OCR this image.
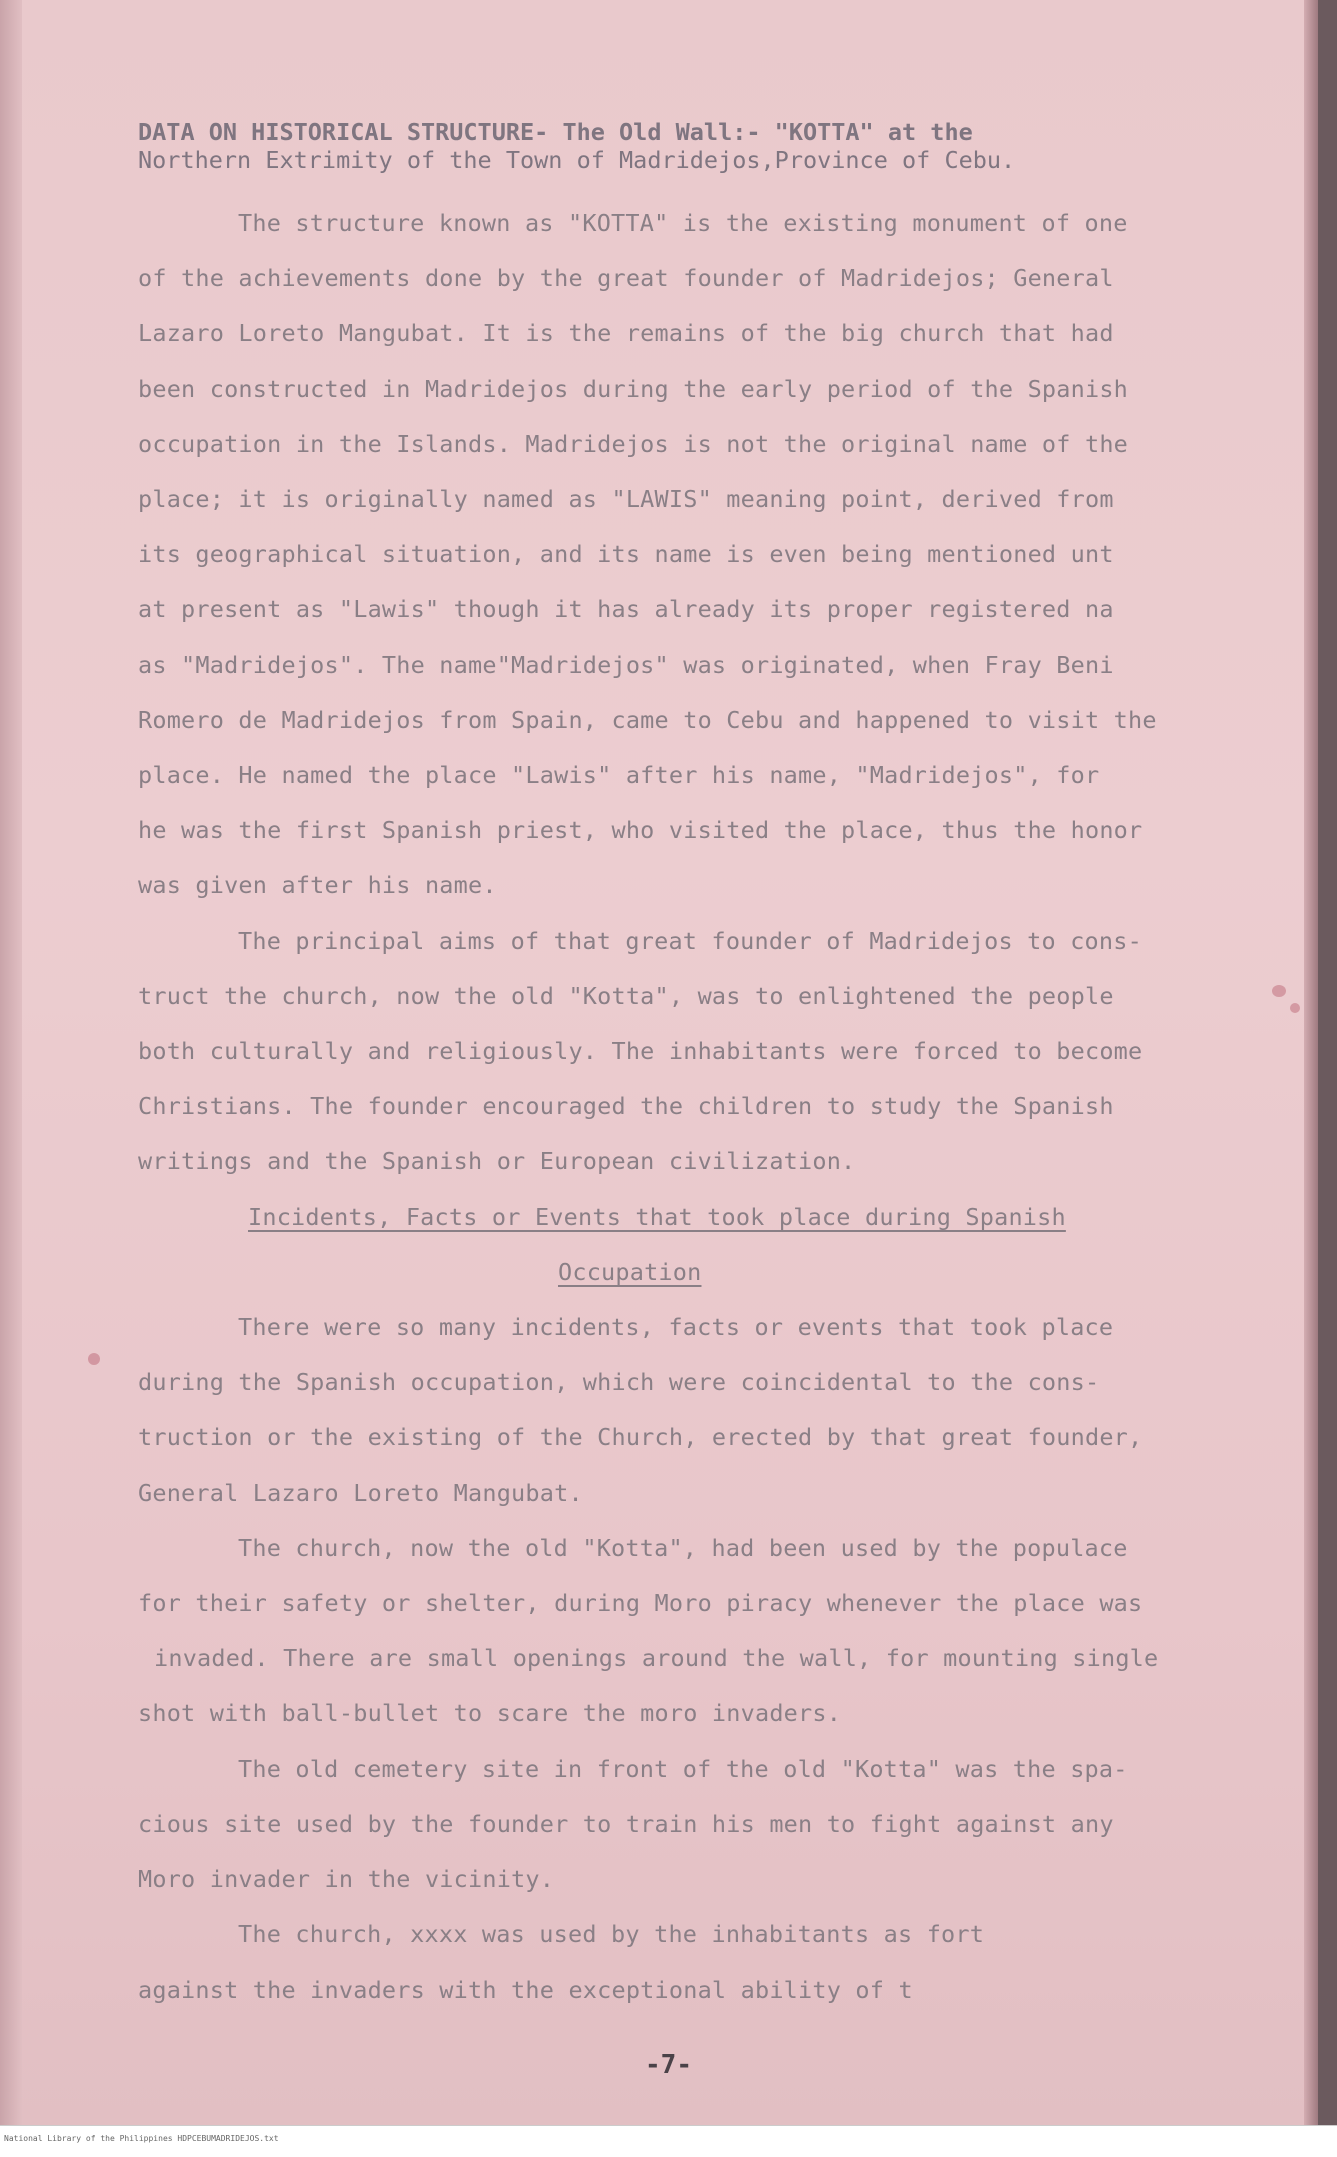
DATA ON HISTORICAL STRUCTURE- The Old Wall:- "KOTTA" at the
Northern Extrimity of the Town of Madridejos,Province of Cebu.
The structure known as "KOTTA" is the existing monument of one
of the achievements done by the great founder of Madridejos; General
Lazaro Loreto Mangubat. It is the remains of the big church that had
been constructed in Madridejos during the early period of the Spanish
occupation in the Islands. Madridejos is not the original name of the
place; it is originally named as "LAWIS" meaning point, derived from
its geographical situation, and its name is even being mentioned unt
at present as "Lawis" though it has already its proper registered na
as "Madridejos". The name"Madridejos" was originated, when Fray Beni
Romero de Madridejos from Spain, came to Cebu and happened to visit the
place. He named the place "Lawis" after his name, "Madridejos", for
he was the first Spanish priest, who visited the place, thus the honor
was given after his name.
The principal aims of that great founder of Madridejos to cons-
truct the church, now the old "Kotta", was to enlightened the people
both culturally and religiously. The inhabitants were forced to become
Christians. The founder encouraged the children to study the Spanish
writings and the Spanish or European civilization.
Incidents, Facts or Events that took place during Spanish
Occupation
There were so many incidents, facts or events that took place
during the Spanish occupation, which were coincidental to the cons-
truction or the existing of the Church, erected by that great founder,
General Lazaro Loreto Mangubat.
The church, now the old "Kotta", had been used by the populace
for their safety or shelter, during Moro piracy whenever the place was
invaded. There are small openings around the wall, for mounting single
shot with ball-bullet to scare the moro invaders.
The old cemetery site in front of the old "Kotta" was the spa-
cious site used by the founder to train his men to fight against any
Moro invader in the vicinity.
The church, xxxx was used by the inhabitants as fort
against the invaders with the exceptional ability of t
-7-
National Library of the Philippines HDPCEBUMADRIDEJOS.txt
